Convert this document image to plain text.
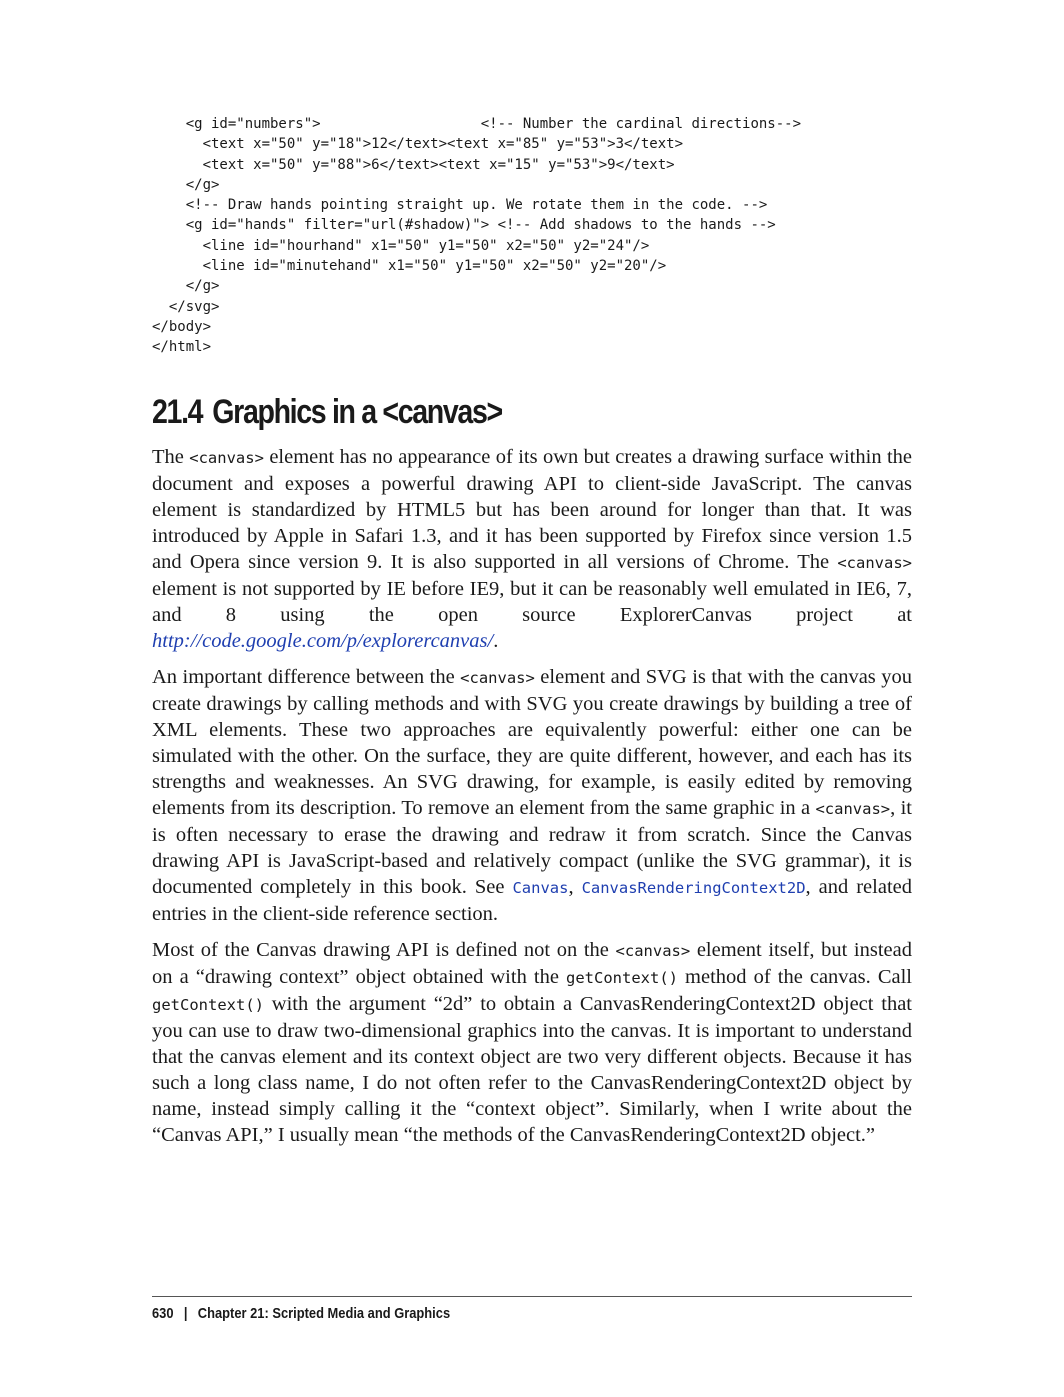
<g id="numbers">                   <!-- Number the cardinal directions-->
<text x="50" y="18">12</text><text x="85" y="53">3</text>
<text x="50" y="88">6</text><text x="15" y="53">9</text>
</g>
<!-- Draw hands pointing straight up. We rotate them in the code. -->
<g id="hands" filter="url(#shadow)"> <!-- Add shadows to the hands -->
<line id="hourhand" x1="50" y1="50" x2="50" y2="24"/>
<line id="minutehand" x1="50" y1="50" x2="50" y2="20"/>
</g>
</svg>
</body>
</html>
21.4 Graphics in a <canvas>

The <canvas> element has no appearance of its own but creates a drawing surface within the document and exposes a powerful drawing API to client-side JavaScript. The canvas element is standardized by HTML5 but has been around for longer than that. It was introduced by Apple in Safari 1.3, and it has been supported by Firefox since version 1.5 and Opera since version 9. It is also supported in all versions of Chrome. The <canvas> element is not supported by IE before IE9, but it can be reasonably well emulated in IE6, 7, and 8 using the open source ExplorerCanvas project at http://code.google.com/p/explorercanvas/.

An important difference between the <canvas> element and SVG is that with the canvas you create drawings by calling methods and with SVG you create drawings by building a tree of XML elements. These two approaches are equivalently powerful: either one can be simulated with the other. On the surface, they are quite different, however, and each has its strengths and weaknesses. An SVG drawing, for example, is easily edited by removing elements from its description. To remove an element from the same graphic in a <canvas>, it is often necessary to erase the drawing and redraw it from scratch. Since the Canvas drawing API is JavaScript-based and relatively compact (unlike the SVG grammar), it is documented completely in this book. See Canvas, CanvasRenderingContext2D, and related entries in the client-side reference section.

Most of the Canvas drawing API is defined not on the <canvas> element itself, but instead on a “drawing context” object obtained with the getContext() method of the canvas. Call getContext() with the argument “2d” to obtain a CanvasRenderingContext2D object that you can use to draw two-dimensional graphics into the canvas. It is important to understand that the canvas element and its context object are two very different objects. Because it has such a long class name, I do not often refer to the CanvasRenderingContext2D object by name, instead simply calling it the “context object”. Similarly, when I write about the “Canvas API,” I usually mean “the methods of the CanvasRenderingContext2D object.”

630 | Chapter 21: Scripted Media and Graphics
